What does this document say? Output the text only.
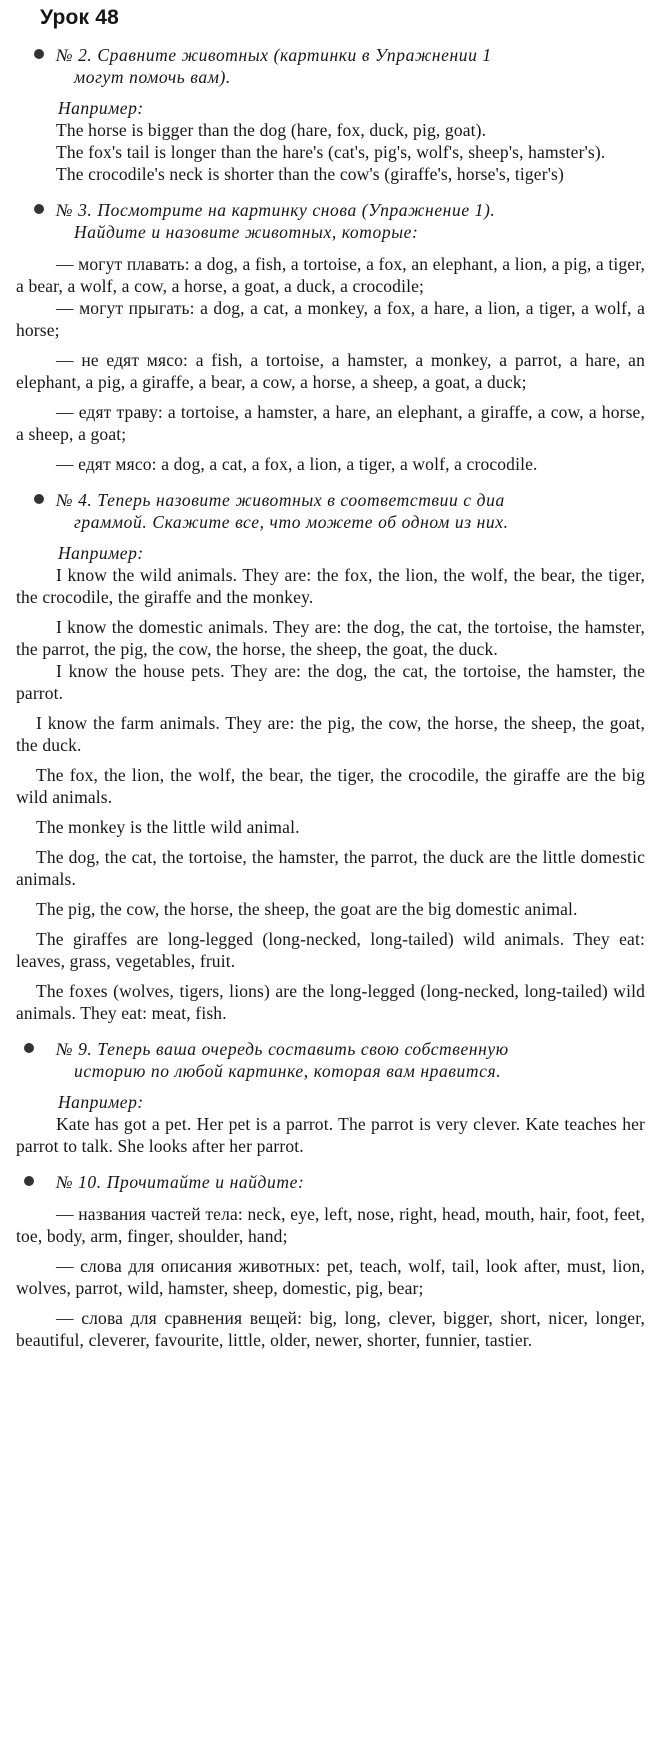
Урок 48
№ 2. Сравните животных (картинки в Упражнении 1
могут помочь вам).
Например:

The horse is bigger than the dog (hare, fox, duck, pig, goat).

The fox's tail is longer than the hare's (cat's, pig's, wolf's, sheep's, hamster's).

The crocodile's neck is shorter than the cow's (giraffe's, horse's, tiger's)

№ 3. Посмотрите на картинку снова (Упражнение 1).
Найдите и назовите животных, которые:

— могут плавать: a dog, a fish, a tortoise, a fox, an elephant, a lion, a pig, a tiger, a bear, a wolf, a cow, a horse, a goat, a duck, a crocodile;

— могут прыгать: a dog, a cat, a monkey, a fox, a hare, a lion, a tiger, a wolf, a horse;

— не едят мясо: a fish, a tortoise, a hamster, a monkey, a parrot, a hare, an elephant, a pig, a giraffe, a bear, a cow, a horse, a sheep, a goat, a duck;

— едят траву: a tortoise, a hamster, a hare, an elephant, a giraffe, a cow, a horse, a sheep, a goat;

— едят мясо: a dog, a cat, a fox, a lion, a tiger, a wolf, a crocodile.

№ 4. Теперь назовите животных в соответствии с диа
граммой. Скажите все, что можете об одном из них.
Например:

I know the wild animals. They are: the fox, the lion, the wolf, the bear, the tiger, the crocodile, the giraffe and the monkey.

I know the domestic animals. They are: the dog, the cat, the tortoise, the hamster, the parrot, the pig, the cow, the horse, the sheep, the goat, the duck.

I know the house pets. They are: the dog, the cat, the tortoise, the hamster, the parrot.

I know the farm animals. They are: the pig, the cow, the horse, the sheep, the goat, the duck.

The fox, the lion, the wolf, the bear, the tiger, the crocodile, the giraffe are the big wild animals.

The monkey is the little wild animal.

The dog, the cat, the tortoise, the hamster, the parrot, the duck are the little domestic animals.

The pig, the cow, the horse, the sheep, the goat are the big domestic animal.

The giraffes are long-legged (long-necked, long-tailed) wild animals. They eat: leaves, grass, vegetables, fruit.

The foxes (wolves, tigers, lions) are the long-legged (long-necked, long-tailed) wild animals. They eat: meat, fish.

№ 9. Теперь ваша очередь составить свою собственную
историю по любой картинке, которая вам нравится.
Например:

Kate has got a pet. Her pet is a parrot. The parrot is very clever. Kate teaches her parrot to talk. She looks after her parrot.

№ 10. Прочитайте и найдите:

— названия частей тела: neck, eye, left, nose, right, head, mouth, hair, foot, feet, toe, body, arm, finger, shoulder, hand;

— слова для описания животных: pet, teach, wolf, tail, look after, must, lion, wolves, parrot, wild, hamster, sheep, domestic, pig, bear;

— слова для сравнения вещей: big, long, clever, bigger, short, nicer, longer, beautiful, cleverer, favourite, little, older, newer, shorter, funnier, tastier.
